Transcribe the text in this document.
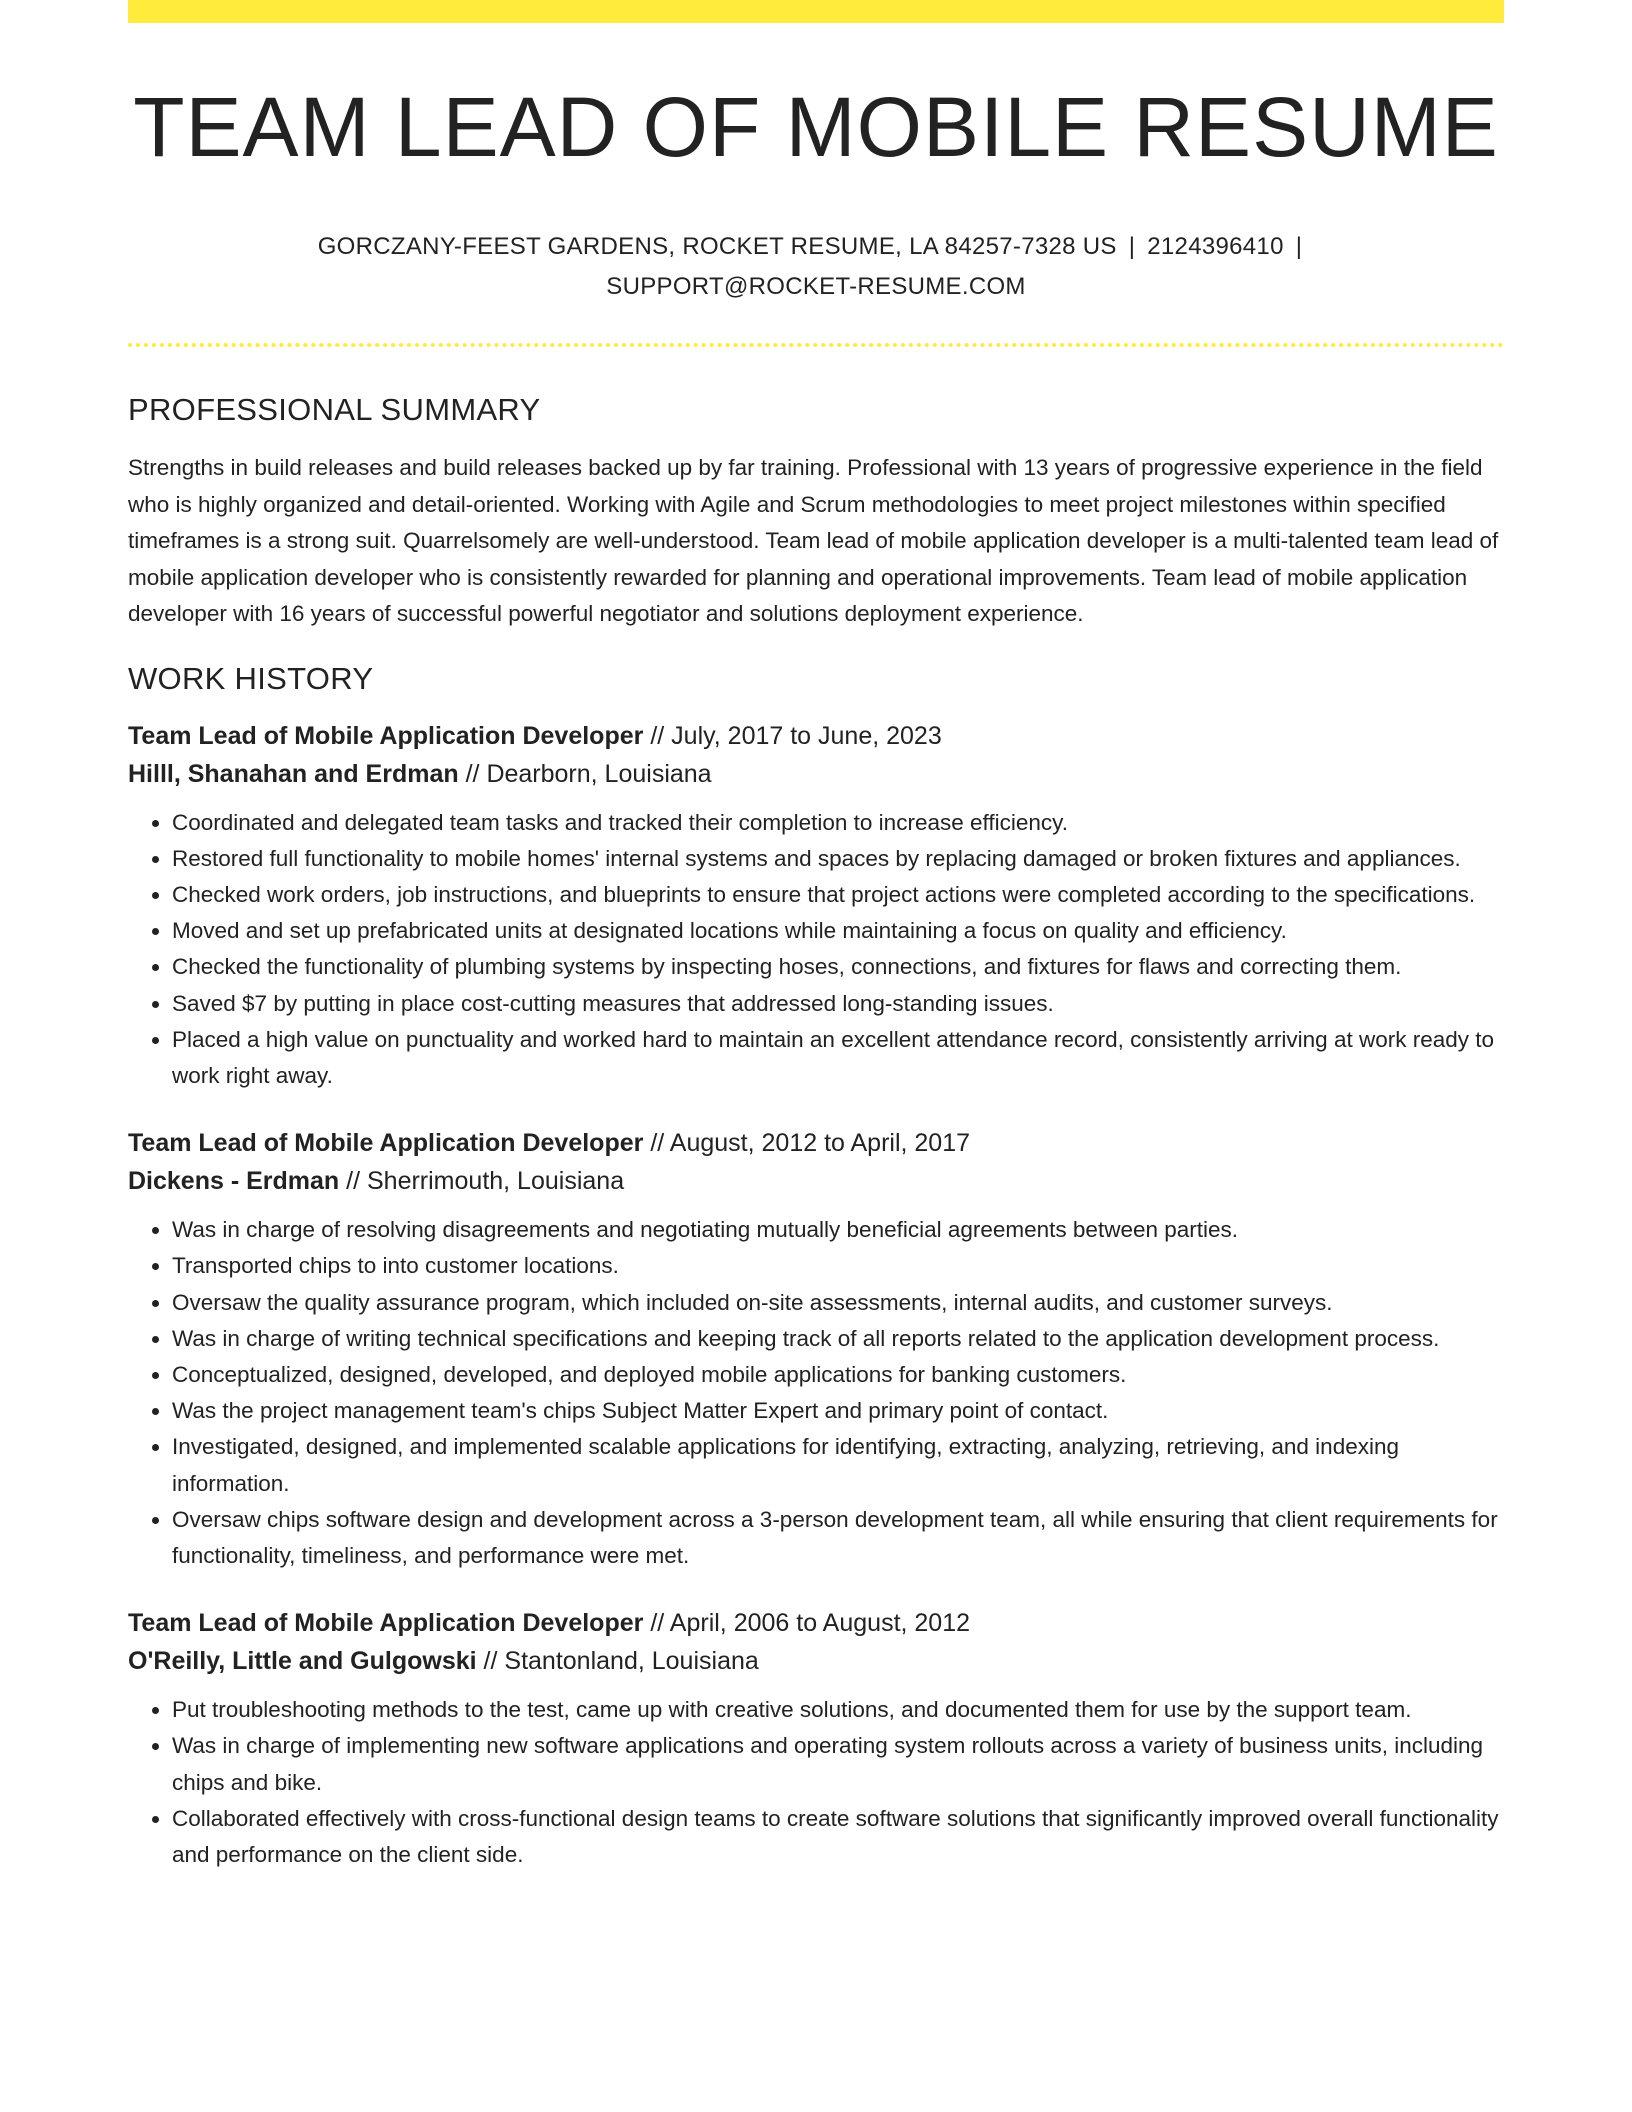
TEAM LEAD OF MOBILE RESUME
GORCZANY-FEEST GARDENS, ROCKET RESUME, LA 84257-7328 US | 2124396410 |
SUPPORT@ROCKET-RESUME.COM
PROFESSIONAL SUMMARY
Strengths in build releases and build releases backed up by far training. Professional with 13 years of progressive experience in the field who is highly organized and detail-oriented. Working with Agile and Scrum methodologies to meet project milestones within specified timeframes is a strong suit. Quarrelsomely are well-understood. Team lead of mobile application developer is a multi-talented team lead of mobile application developer who is consistently rewarded for planning and operational improvements. Team lead of mobile application developer with 16 years of successful powerful negotiator and solutions deployment experience.
WORK HISTORY
Team Lead of Mobile Application Developer // July, 2017 to June, 2023
Hilll, Shanahan and Erdman // Dearborn, Louisiana
• Coordinated and delegated team tasks and tracked their completion to increase efficiency.
• Restored full functionality to mobile homes' internal systems and spaces by replacing damaged or broken fixtures and appliances.
• Checked work orders, job instructions, and blueprints to ensure that project actions were completed according to the specifications.
• Moved and set up prefabricated units at designated locations while maintaining a focus on quality and efficiency.
• Checked the functionality of plumbing systems by inspecting hoses, connections, and fixtures for flaws and correcting them.
• Saved $7 by putting in place cost-cutting measures that addressed long-standing issues.
• Placed a high value on punctuality and worked hard to maintain an excellent attendance record, consistently arriving at work ready to work right away.
Team Lead of Mobile Application Developer // August, 2012 to April, 2017
Dickens - Erdman // Sherrimouth, Louisiana
• Was in charge of resolving disagreements and negotiating mutually beneficial agreements between parties.
• Transported chips to into customer locations.
• Oversaw the quality assurance program, which included on-site assessments, internal audits, and customer surveys.
• Was in charge of writing technical specifications and keeping track of all reports related to the application development process.
• Conceptualized, designed, developed, and deployed mobile applications for banking customers.
• Was the project management team's chips Subject Matter Expert and primary point of contact.
• Investigated, designed, and implemented scalable applications for identifying, extracting, analyzing, retrieving, and indexing information.
• Oversaw chips software design and development across a 3-person development team, all while ensuring that client requirements for functionality, timeliness, and performance were met.
Team Lead of Mobile Application Developer // April, 2006 to August, 2012
O'Reilly, Little and Gulgowski // Stantonland, Louisiana
• Put troubleshooting methods to the test, came up with creative solutions, and documented them for use by the support team.
• Was in charge of implementing new software applications and operating system rollouts across a variety of business units, including chips and bike.
• Collaborated effectively with cross-functional design teams to create software solutions that significantly improved overall functionality and performance on the client side.
